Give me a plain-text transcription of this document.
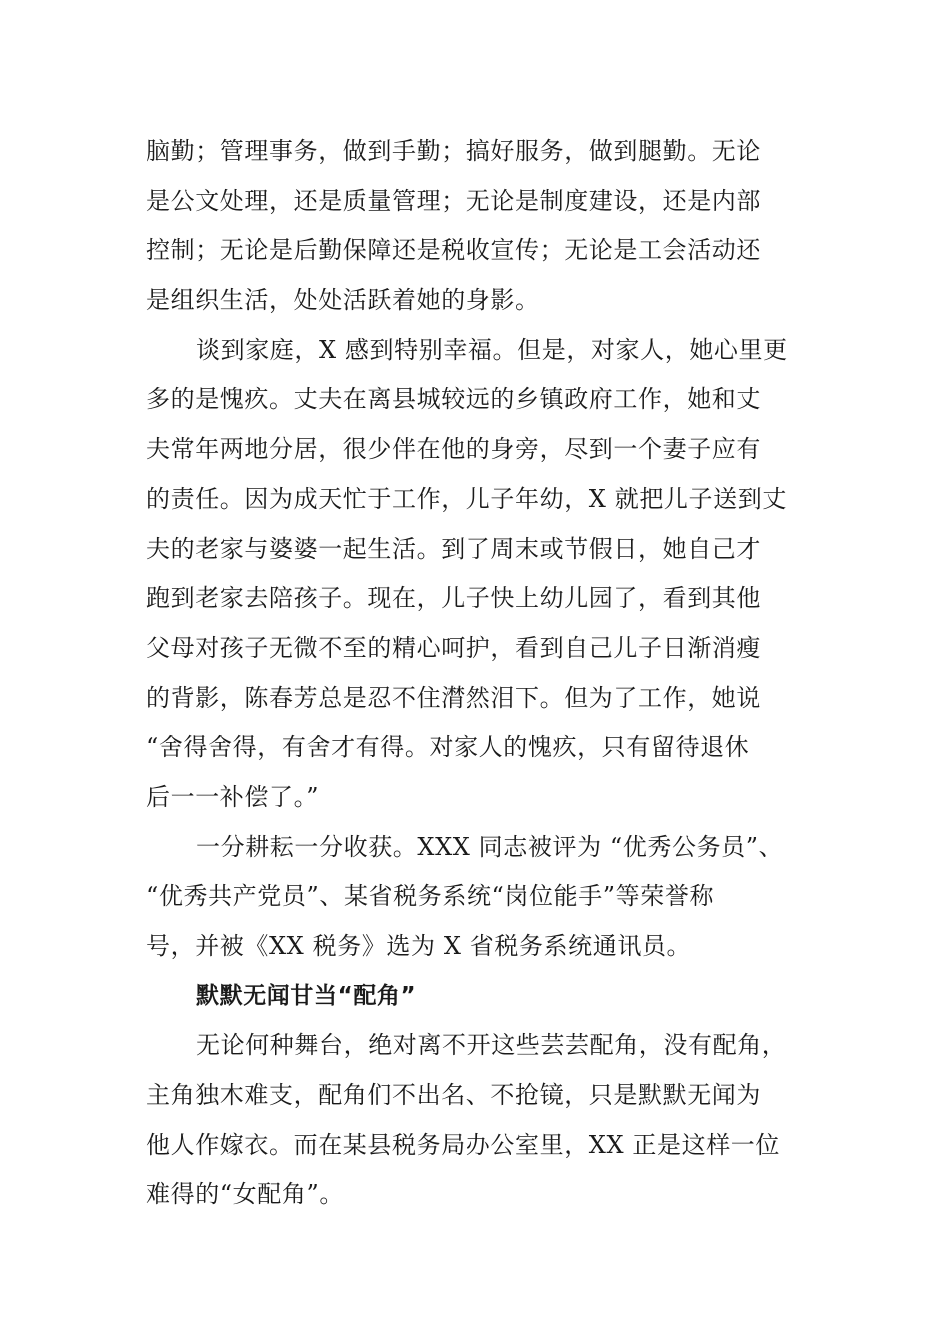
脑勤；管理事务，做到手勤；搞好服务，做到腿勤。无论
是公文处理，还是质量管理；无论是制度建设，还是内部
控制；无论是后勤保障还是税收宣传；无论是工会活动还
是组织生活，处处活跃着她的身影。
谈到家庭，X 感到特别幸福。但是，对家人，她心里更
多的是愧疚。丈夫在离县城较远的乡镇政府工作，她和丈
夫常年两地分居，很少伴在他的身旁，尽到一个妻子应有
的责任。因为成天忙于工作，儿子年幼，X 就把儿子送到丈
夫的老家与婆婆一起生活。到了周末或节假日，她自己才
跑到老家去陪孩子。现在，儿子快上幼儿园了，看到其他
父母对孩子无微不至的精心呵护，看到自己儿子日渐消瘦
的背影，陈春芳总是忍不住潸然泪下。但为了工作，她说
“舍得舍得，有舍才有得。对家人的愧疚，只有留待退休
后一一补偿了。”
一分耕耘一分收获。XXX 同志被评为 “优秀公务员”、
“优秀共产党员”、某省税务系统“岗位能手”等荣誉称
号，并被《XX 税务》选为 X 省税务系统通讯员。
默默无闻甘当“配角”
无论何种舞台，绝对离不开这些芸芸配角，没有配角，
主角独木难支，配角们不出名、不抢镜，只是默默无闻为
他人作嫁衣。而在某县税务局办公室里，XX 正是这样一位
难得的“女配角”。
